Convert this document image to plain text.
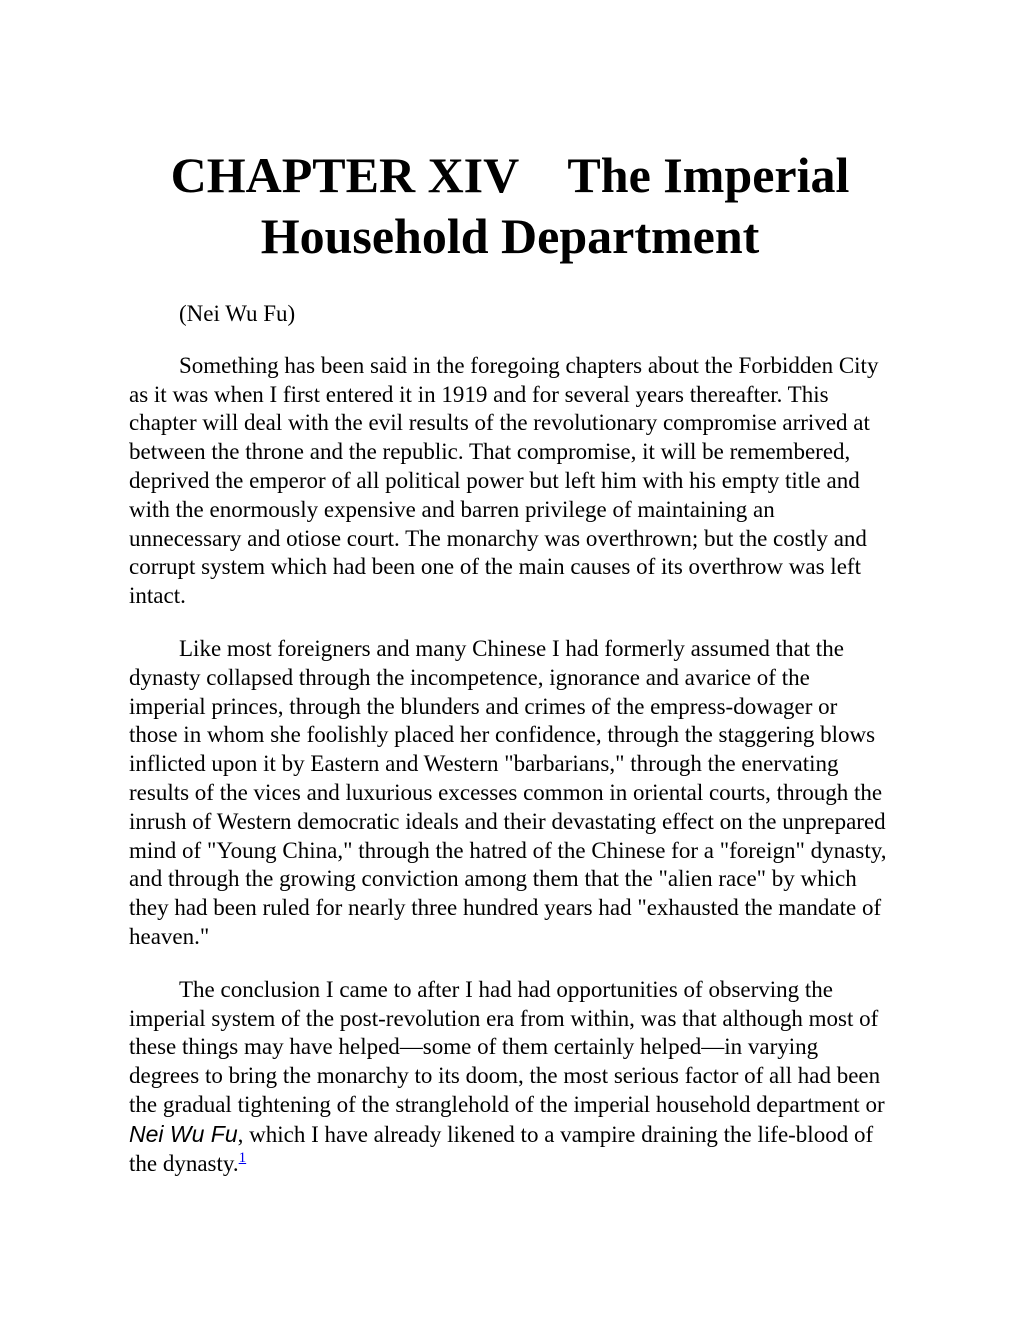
CHAPTER XIV    The Imperial Household Department

(Nei Wu Fu)

Something has been said in the foregoing chapters about the Forbidden City as it was when I first entered it in 1919 and for several years thereafter. This chapter will deal with the evil results of the revolutionary compromise arrived at between the throne and the republic. That compromise, it will be remembered, deprived the emperor of all political power but left him with his empty title and with the enormously expensive and barren privilege of maintaining an unnecessary and otiose court. The monarchy was overthrown; but the costly and corrupt system which had been one of the main causes of its overthrow was left intact.

Like most foreigners and many Chinese I had formerly assumed that the dynasty collapsed through the incompetence, ignorance and avarice of the imperial princes, through the blunders and crimes of the empress-dowager or those in whom she foolishly placed her confidence, through the staggering blows inflicted upon it by Eastern and Western "barbarians," through the enervating results of the vices and luxurious excesses common in oriental courts, through the inrush of Western democratic ideals and their devastating effect on the unprepared mind of "Young China," through the hatred of the Chinese for a "foreign" dynasty, and through the growing conviction among them that the "alien race" by which they had been ruled for nearly three hundred years had "exhausted the mandate of heaven."

The conclusion I came to after I had had opportunities of observing the imperial system of the post-revolution era from within, was that although most of these things may have helped—some of them certainly helped—in varying degrees to bring the monarchy to its doom, the most serious factor of all had been the gradual tightening of the stranglehold of the imperial household department or Nei Wu Fu, which I have already likened to a vampire draining the life-blood of the dynasty.$^1$
